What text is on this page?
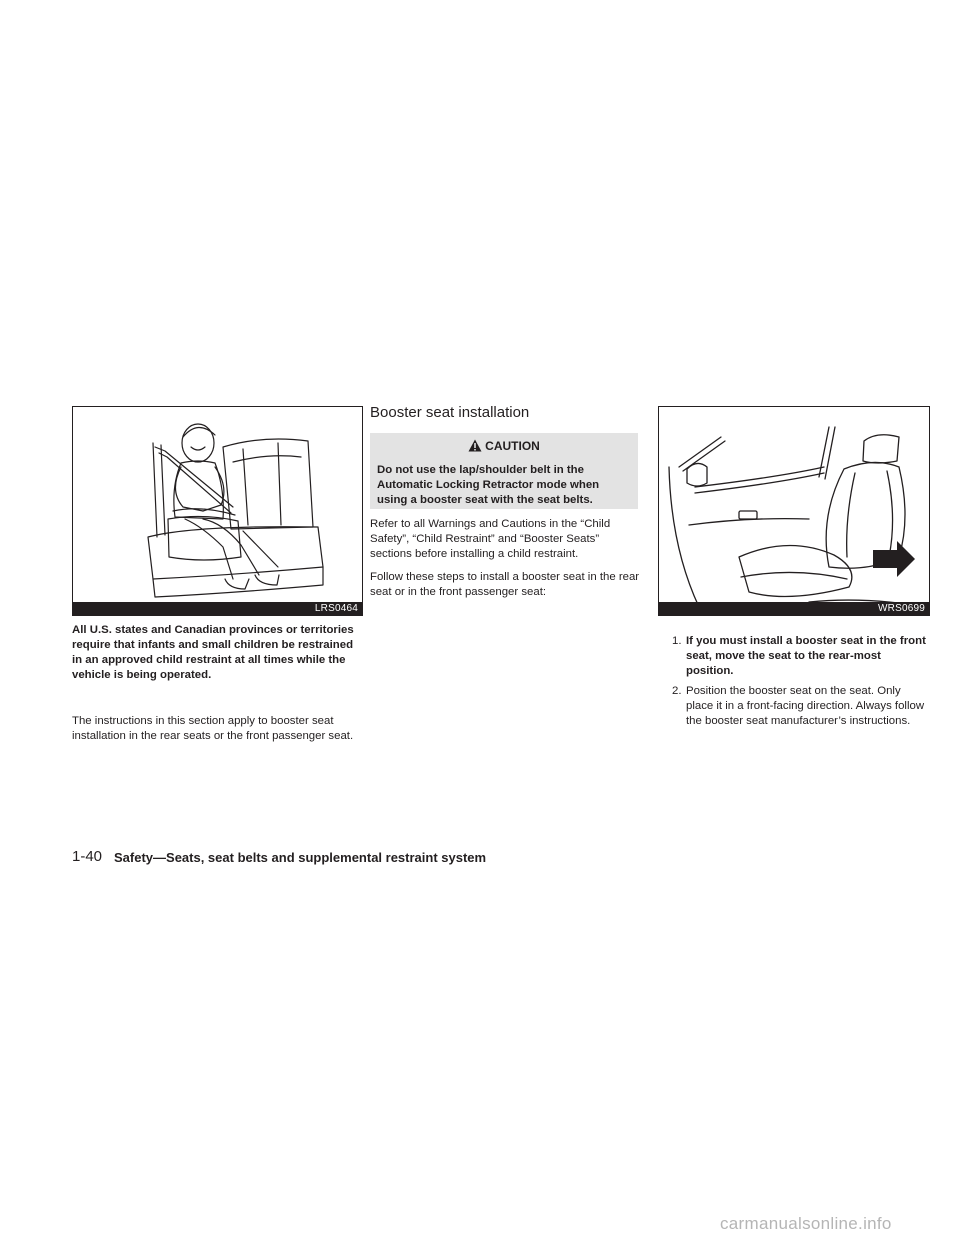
LRS0464

All U.S. states and Canadian provinces or territories require that infants and small children be restrained in an approved child restraint at all times while the vehicle is being operated.

The instructions in this section apply to booster seat installation in the rear seats or the front passenger seat.

Booster seat installation
CAUTION
Do not use the lap/shoulder belt in the Automatic Locking Retractor mode when using a booster seat with the seat belts.

Refer to all Warnings and Cautions in the “Child Safety”, “Child Restraint” and “Booster Seats” sections before installing a child restraint.

Follow these steps to install a booster seat in the rear seat or in the front passenger seat:

WRS0699
1. If you must install a booster seat in the front seat, move the seat to the rear-most position.
2. Position the booster seat on the seat. Only place it in a front-facing direction. Always follow the booster seat manufacturer’s instructions.
1-40 Safety—Seats, seat belts and supplemental restraint system
carmanualsonline.info
